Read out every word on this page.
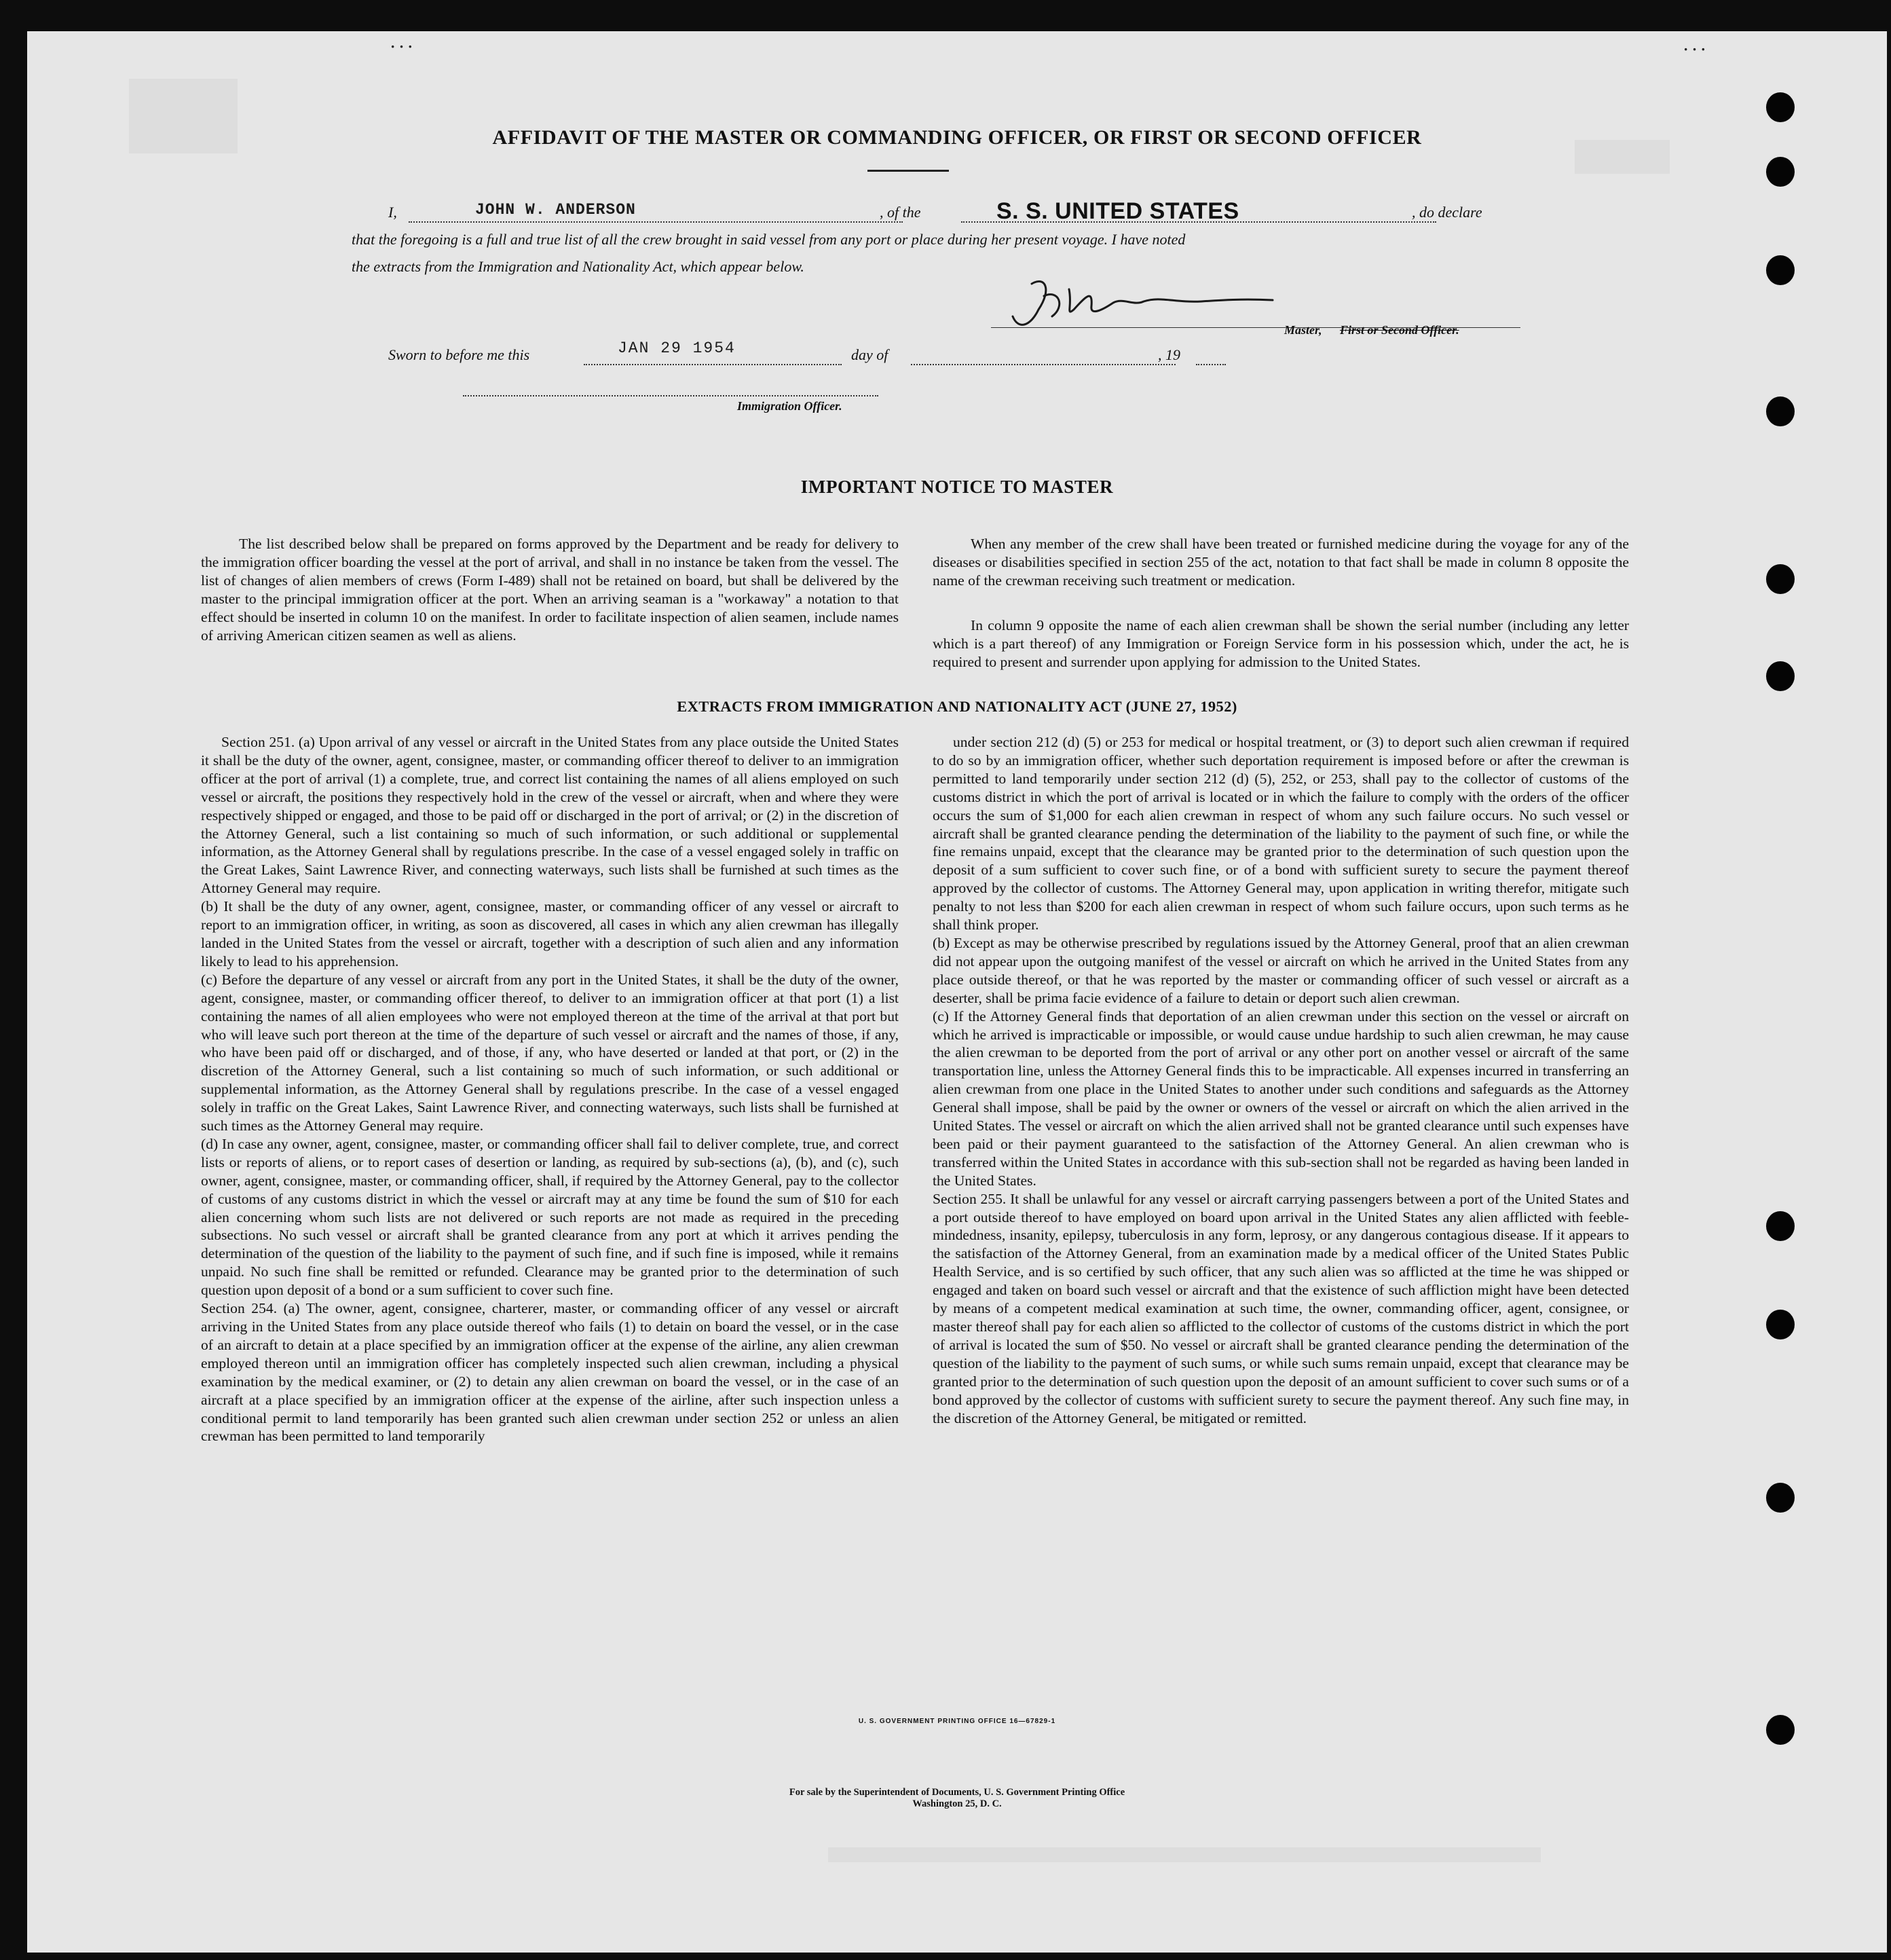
· · ·	· · ·
AFFIDAVIT OF THE MASTER OR COMMANDING OFFICER, OR FIRST OR SECOND OFFICER
I,	JOHN W. ANDERSON	, of the	S. S. UNITED STATES	, do declare
that the foregoing is a full and true list of all the crew brought in said vessel from any port or place during her present voyage. I have noted
the extracts from the Immigration and Nationality Act, which appear below.
Master, First or Second Officer.
Sworn to before me this	JAN 29 1954	day of	, 19
Immigration Officer.
IMPORTANT NOTICE TO MASTER

The list described below shall be prepared on forms approved by the Department and be ready for delivery to the immigration officer boarding the vessel at the port of arrival, and shall in no instance be taken from the vessel. The list of changes of alien members of crews (Form I-489) shall not be retained on board, but shall be delivered by the master to the principal immigration officer at the port. When an arriving seaman is a "workaway" a notation to that effect should be inserted in column 10 on the manifest. In order to facilitate inspection of alien seamen, include names of arriving American citizen seamen as well as aliens.

When any member of the crew shall have been treated or furnished medicine during the voyage for any of the diseases or disabilities specified in section 255 of the act, notation to that fact shall be made in column 8 opposite the name of the crewman receiving such treatment or medication.

In column 9 opposite the name of each alien crewman shall be shown the serial number (including any letter which is a part thereof) of any Immigration or Foreign Service form in his possession which, under the act, he is required to present and surrender upon applying for admission to the United States.

EXTRACTS FROM IMMIGRATION AND NATIONALITY ACT (JUNE 27, 1952)

Section 251. (a) Upon arrival of any vessel or aircraft in the United States from any place outside the United States it shall be the duty of the owner, agent, consignee, master, or commanding officer thereof to deliver to an immigration officer at the port of arrival (1) a complete, true, and correct list containing the names of all aliens employed on such vessel or aircraft, the positions they respectively hold in the crew of the vessel or aircraft, when and where they were respectively shipped or engaged, and those to be paid off or discharged in the port of arrival; or (2) in the discretion of the Attorney General, such a list containing so much of such information, or such additional or supplemental information, as the Attorney General shall by regulations prescribe. In the case of a vessel engaged solely in traffic on the Great Lakes, Saint Lawrence River, and connecting waterways, such lists shall be furnished at such times as the Attorney General may require.
(b) It shall be the duty of any owner, agent, consignee, master, or commanding officer of any vessel or aircraft to report to an immigration officer, in writing, as soon as discovered, all cases in which any alien crewman has illegally landed in the United States from the vessel or aircraft, together with a description of such alien and any information likely to lead to his apprehension.
(c) Before the departure of any vessel or aircraft from any port in the United States, it shall be the duty of the owner, agent, consignee, master, or commanding officer thereof, to deliver to an immigration officer at that port (1) a list containing the names of all alien employees who were not employed thereon at the time of the arrival at that port but who will leave such port thereon at the time of the departure of such vessel or aircraft and the names of those, if any, who have been paid off or discharged, and of those, if any, who have deserted or landed at that port, or (2) in the discretion of the Attorney General, such a list containing so much of such information, or such additional or supplemental information, as the Attorney General shall by regulations prescribe. In the case of a vessel engaged solely in traffic on the Great Lakes, Saint Lawrence River, and connecting waterways, such lists shall be furnished at such times as the Attorney General may require.
(d) In case any owner, agent, consignee, master, or commanding officer shall fail to deliver complete, true, and correct lists or reports of aliens, or to report cases of desertion or landing, as required by sub-sections (a), (b), and (c), such owner, agent, consignee, master, or commanding officer, shall, if required by the Attorney General, pay to the collector of customs of any customs district in which the vessel or aircraft may at any time be found the sum of $10 for each alien concerning whom such lists are not delivered or such reports are not made as required in the preceding subsections. No such vessel or aircraft shall be granted clearance from any port at which it arrives pending the determination of the question of the liability to the payment of such fine, and if such fine is imposed, while it remains unpaid. No such fine shall be remitted or refunded. Clearance may be granted prior to the determination of such question upon deposit of a bond or a sum sufficient to cover such fine.
Section 254. (a) The owner, agent, consignee, charterer, master, or commanding officer of any vessel or aircraft arriving in the United States from any place outside thereof who fails (1) to detain on board the vessel, or in the case of an aircraft to detain at a place specified by an immigration officer at the expense of the airline, any alien crewman employed thereon until an immigration officer has completely inspected such alien crewman, including a physical examination by the medical examiner, or (2) to detain any alien crewman on board the vessel, or in the case of an aircraft at a place specified by an immigration officer at the expense of the airline, after such inspection unless a conditional permit to land temporarily has been granted such alien crewman under section 252 or unless an alien crewman has been permitted to land temporarily

under section 212 (d) (5) or 253 for medical or hospital treatment, or (3) to deport such alien crewman if required to do so by an immigration officer, whether such deportation requirement is imposed before or after the crewman is permitted to land temporarily under section 212 (d) (5), 252, or 253, shall pay to the collector of customs of the customs district in which the port of arrival is located or in which the failure to comply with the orders of the officer occurs the sum of $1,000 for each alien crewman in respect of whom any such failure occurs. No such vessel or aircraft shall be granted clearance pending the determination of the liability to the payment of such fine, or while the fine remains unpaid, except that the clearance may be granted prior to the determination of such question upon the deposit of a sum sufficient to cover such fine, or of a bond with sufficient surety to secure the payment thereof approved by the collector of customs. The Attorney General may, upon application in writing therefor, mitigate such penalty to not less than $200 for each alien crewman in respect of whom such failure occurs, upon such terms as he shall think proper.
(b) Except as may be otherwise prescribed by regulations issued by the Attorney General, proof that an alien crewman did not appear upon the outgoing manifest of the vessel or aircraft on which he arrived in the United States from any place outside thereof, or that he was reported by the master or commanding officer of such vessel or aircraft as a deserter, shall be prima facie evidence of a failure to detain or deport such alien crewman.
(c) If the Attorney General finds that deportation of an alien crewman under this section on the vessel or aircraft on which he arrived is impracticable or impossible, or would cause undue hardship to such alien crewman, he may cause the alien crewman to be deported from the port of arrival or any other port on another vessel or aircraft of the same transportation line, unless the Attorney General finds this to be impracticable. All expenses incurred in transferring an alien crewman from one place in the United States to another under such conditions and safeguards as the Attorney General shall impose, shall be paid by the owner or owners of the vessel or aircraft on which the alien arrived in the United States. The vessel or aircraft on which the alien arrived shall not be granted clearance until such expenses have been paid or their payment guaranteed to the satisfaction of the Attorney General. An alien crewman who is transferred within the United States in accordance with this sub-section shall not be regarded as having been landed in the United States.
Section 255. It shall be unlawful for any vessel or aircraft carrying passengers between a port of the United States and a port outside thereof to have employed on board upon arrival in the United States any alien afflicted with feeble-mindedness, insanity, epilepsy, tuberculosis in any form, leprosy, or any dangerous contagious disease. If it appears to the satisfaction of the Attorney General, from an examination made by a medical officer of the United States Public Health Service, and is so certified by such officer, that any such alien was so afflicted at the time he was shipped or engaged and taken on board such vessel or aircraft and that the existence of such affliction might have been detected by means of a competent medical examination at such time, the owner, commanding officer, agent, consignee, or master thereof shall pay for each alien so afflicted to the collector of customs of the customs district in which the port of arrival is located the sum of $50. No vessel or aircraft shall be granted clearance pending the determination of the question of the liability to the payment of such sums, or while such sums remain unpaid, except that clearance may be granted prior to the determination of such question upon the deposit of an amount sufficient to cover such sums or of a bond approved by the collector of customs with sufficient surety to secure the payment thereof. Any such fine may, in the discretion of the Attorney General, be mitigated or remitted.

U. S. GOVERNMENT PRINTING OFFICE 16—67829-1
For sale by the Superintendent of Documents, U. S. Government Printing Office
Washington 25, D. C.
